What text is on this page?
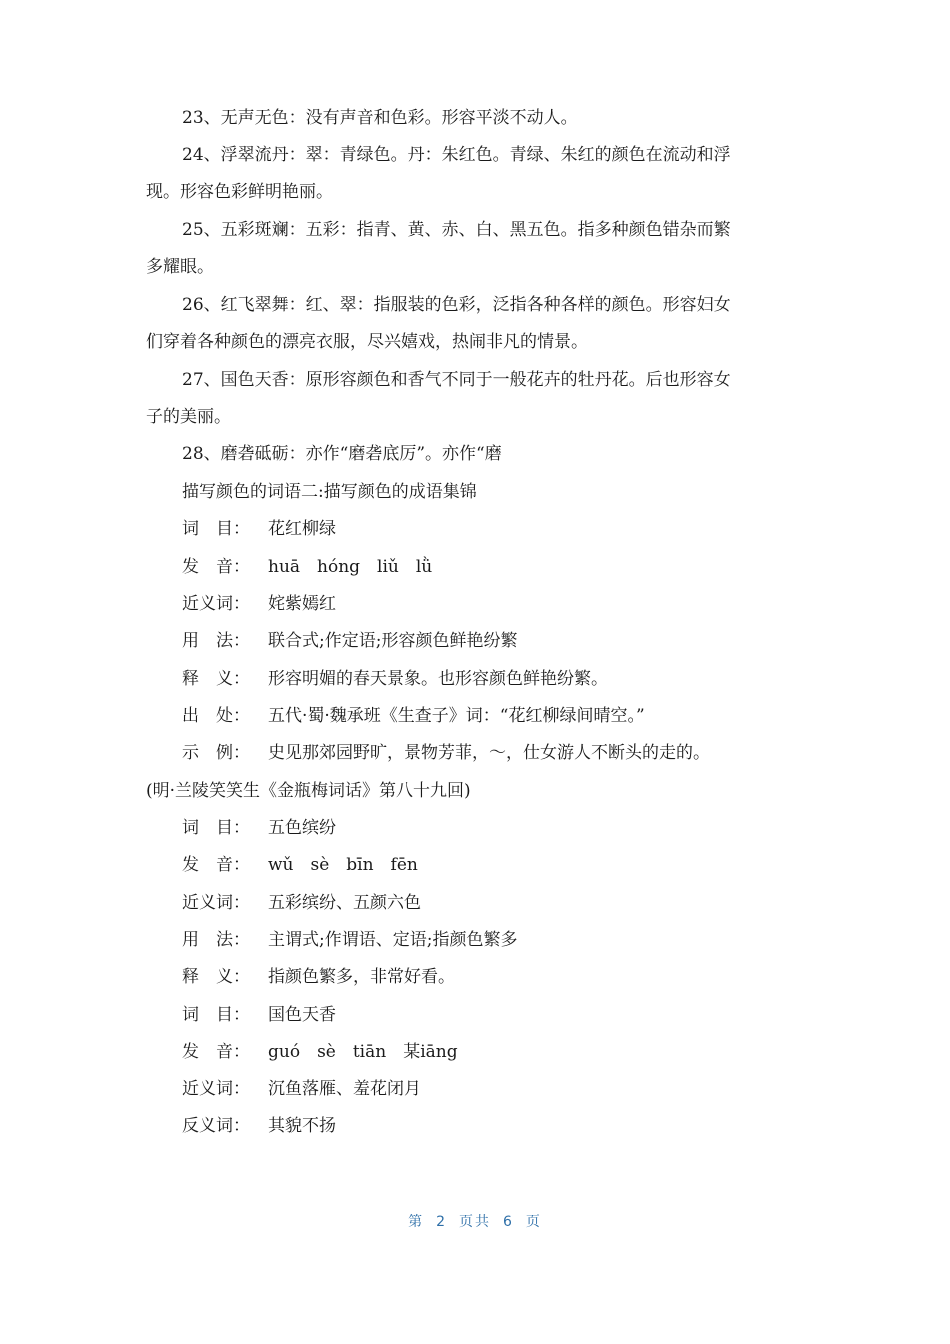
23、无声无色：没有声音和色彩。形容平淡不动人。
24、浮翠流丹：翠：青绿色。丹：朱红色。青绿、朱红的颜色在流动和浮
现。形容色彩鲜明艳丽。
25、五彩斑斓：五彩：指青、黄、赤、白、黑五色。指多种颜色错杂而繁
多耀眼。
26、红飞翠舞：红、翠：指服装的色彩，泛指各种各样的颜色。形容妇女
们穿着各种颜色的漂亮衣服，尽兴嬉戏，热闹非凡的情景。
27、国色天香：原形容颜色和香气不同于一般花卉的牡丹花。后也形容女
子的美丽。
28、磨砻砥砺：亦作“磨砻底厉”。亦作“磨
描写颜色的词语二:描写颜色的成语集锦
词　目： 花红柳绿
发　音： huā　hóng　liǔ　lǜ
近义词： 姹紫嫣红
用　法： 联合式;作定语;形容颜色鲜艳纷繁
释　义： 形容明媚的春天景象。也形容颜色鲜艳纷繁。
出　处： 五代·蜀·魏承班《生查子》词：“花红柳绿间晴空。”
示　例： 史见那郊园野旷，景物芳菲，～，仕女游人不断头的走的。
(明·兰陵笑笑生《金瓶梅词话》第八十九回)
词　目： 五色缤纷
发　音： wǔ　sè　bīn　fēn
近义词： 五彩缤纷、五颜六色
用　法： 主谓式;作谓语、定语;指颜色繁多
释　义： 指颜色繁多，非常好看。
词　目： 国色天香
发　音： guó　sè　tiān　某iāng
近义词： 沉鱼落雁、羞花闭月
反义词： 其貌不扬
第 2 页共 6 页
